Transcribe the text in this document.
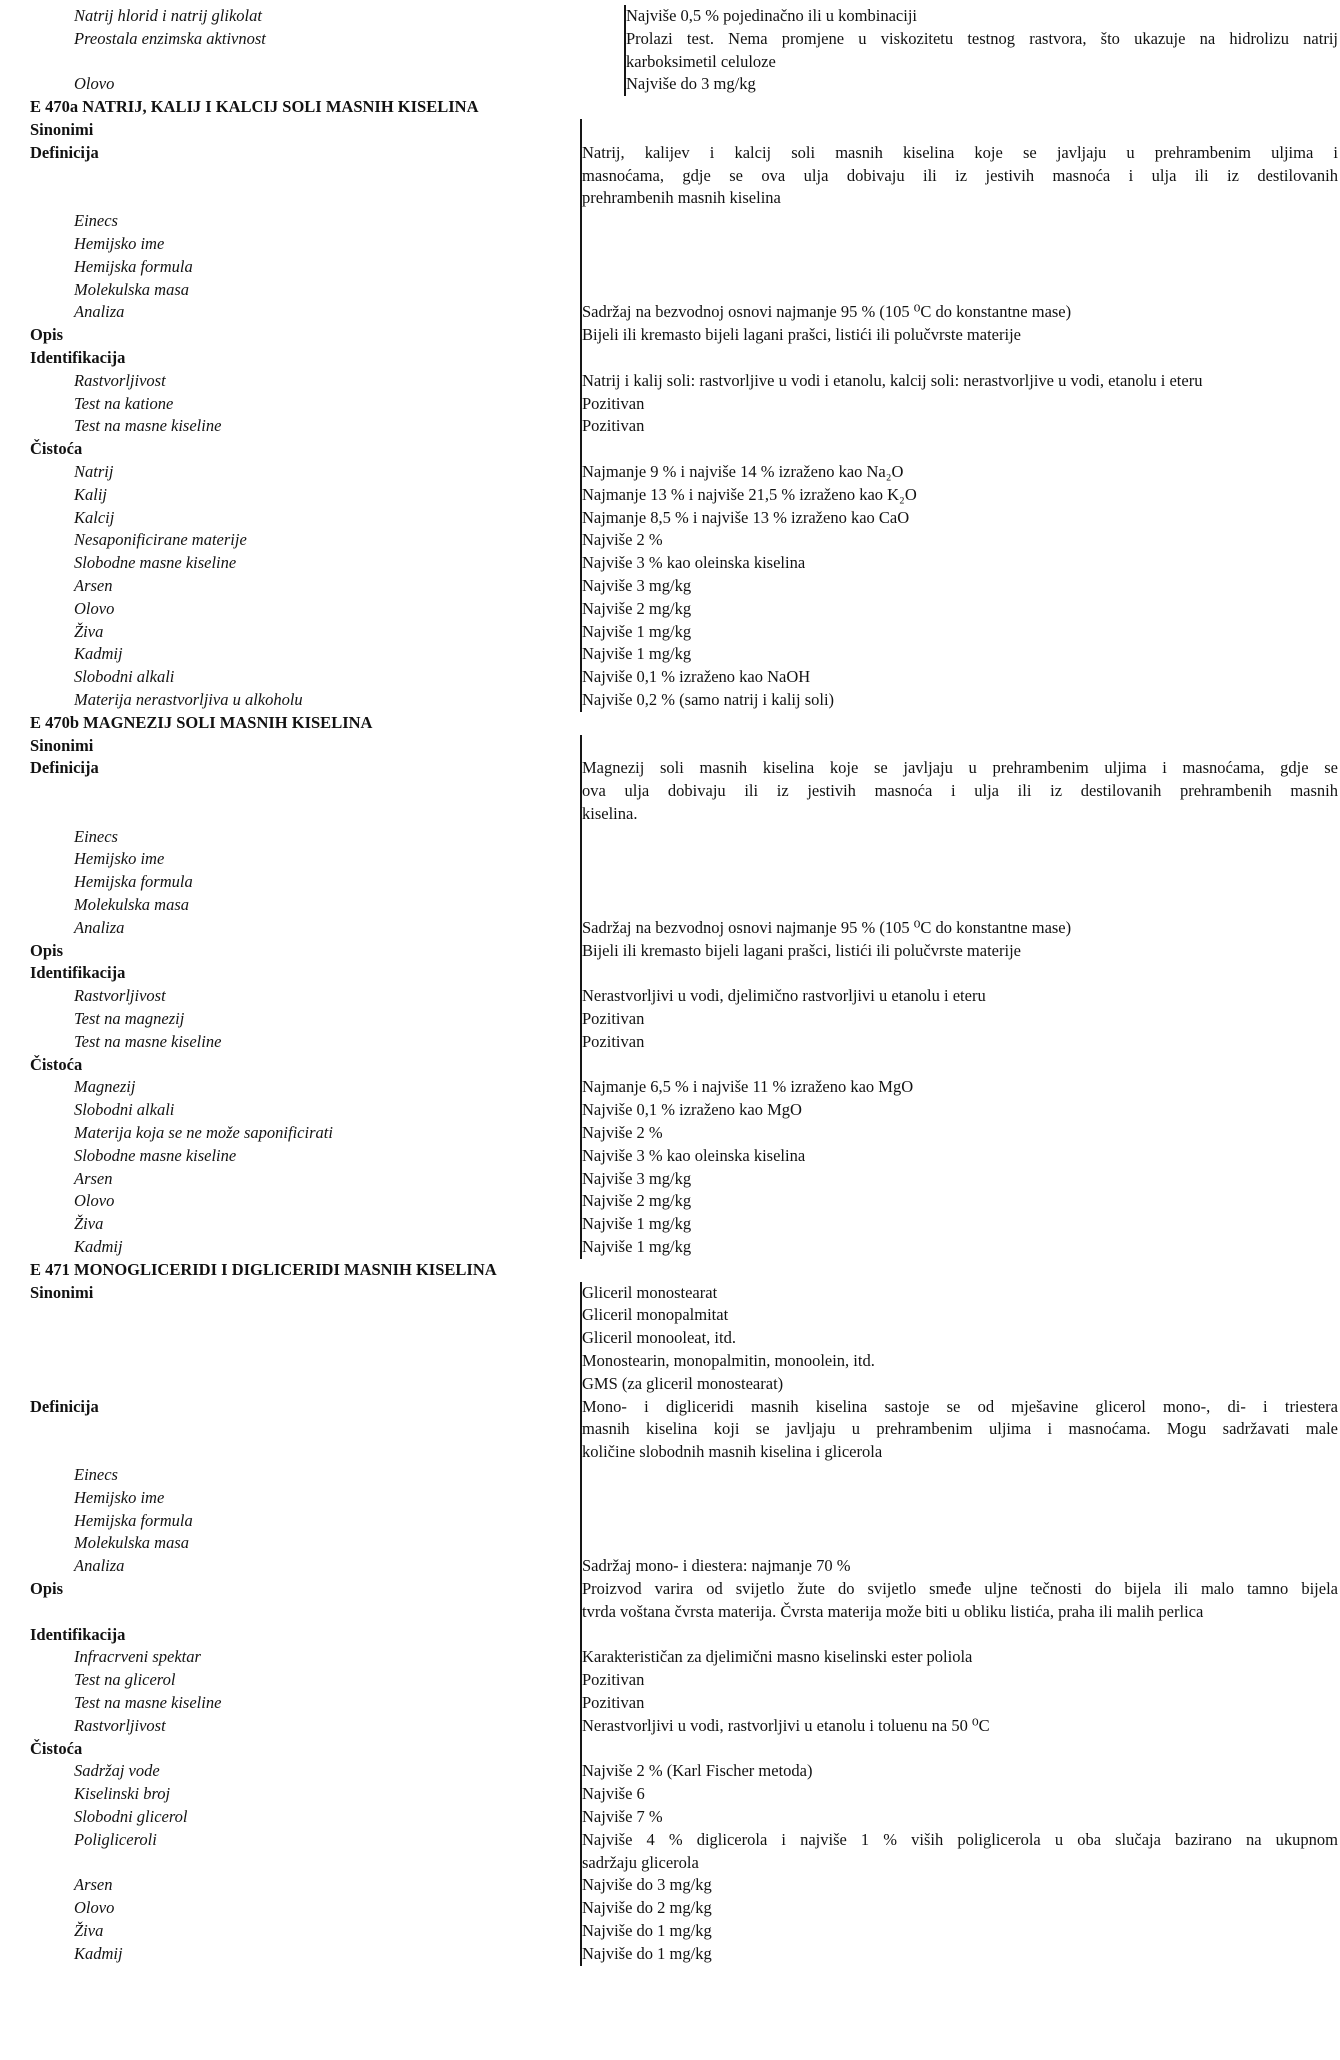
Natrij hlorid i natrij glikolat	Najviše 0,5 % pojedinačno ili u kombinaciji
Preostala enzimska aktivnost	Prolazi test. Nema promjene u viskozitetu testnog rastvora, što ukazuje na hidrolizu natrij
karboksimetil celuloze

Olovo	Najviše do 3 mg/kg
E 470a NATRIJ, KALIJ I KALCIJ SOLI MASNIH KISELINA
Sinonimi	
Definicija	Natrij, kalijev i kalcij soli masnih kiselina koje se javljaju u prehrambenim uljima i
masnoćama, gdje se ova ulja dobivaju ili iz jestivih masnoća i ulja ili iz destilovanih
prehrambenih masnih kiselina

Einecs	
Hemijsko ime	
Hemijska formula	
Molekulska masa	
Analiza	Sadržaj na bezvodnoj osnovi najmanje 95 % (105 ⁰C do konstantne mase)
Opis	Bijeli ili kremasto bijeli lagani prašci, listići ili polučvrste materije
Identifikacija	
Rastvorljivost	Natrij i kalij soli: rastvorljive u vodi i etanolu, kalcij soli: nerastvorljive u vodi, etanolu i eteru
Test na katione	Pozitivan
Test na masne kiseline	Pozitivan
Čistoća	
Natrij	Najmanje 9 % i najviše 14 % izraženo kao Na₂O
Kalij	Najmanje 13 % i najviše 21,5 % izraženo kao K₂O
Kalcij	Najmanje 8,5 % i najviše 13 % izraženo kao CaO
Nesaponificirane materije	Najviše 2 %
Slobodne masne kiseline	Najviše 3 % kao oleinska kiselina
Arsen	Najviše 3 mg/kg
Olovo	Najviše 2 mg/kg
Živa	Najviše 1 mg/kg
Kadmij	Najviše 1 mg/kg
Slobodni alkali	Najviše 0,1 % izraženo kao NaOH
Materija nerastvorljiva u alkoholu	Najviše 0,2 % (samo natrij i kalij soli)
E 470b MAGNEZIJ SOLI MASNIH KISELINA
Sinonimi	
Definicija	Magnezij soli masnih kiselina koje se javljaju u prehrambenim uljima i masnoćama, gdje se
ova ulja dobivaju ili iz jestivih masnoća i ulja ili iz destilovanih prehrambenih masnih
kiselina.

Einecs	
Hemijsko ime	
Hemijska formula	
Molekulska masa	
Analiza	Sadržaj na bezvodnoj osnovi najmanje 95 % (105 ⁰C do konstantne mase)
Opis	Bijeli ili kremasto bijeli lagani prašci, listići ili polučvrste materije
Identifikacija	
Rastvorljivost	Nerastvorljivi u vodi, djelimično rastvorljivi u etanolu i eteru
Test na magnezij	Pozitivan
Test na masne kiseline	Pozitivan
Čistoća	
Magnezij	Najmanje 6,5 % i najviše 11 % izraženo kao MgO
Slobodni alkali	Najviše 0,1 % izraženo kao MgO
Materija koja se ne može saponificirati	Najviše 2 %
Slobodne masne kiseline	Najviše 3 % kao oleinska kiselina
Arsen	Najviše 3 mg/kg
Olovo	Najviše 2 mg/kg
Živa	Najviše 1 mg/kg
Kadmij	Najviše 1 mg/kg
E 471 MONOGLICERIDI I DIGLICERIDI MASNIH KISELINA
Sinonimi	Gliceril monostearat
Gliceril monopalmitat
Gliceril monooleat, itd.
Monostearin, monopalmitin, monoolein, itd.
GMS (za gliceril monostearat)

Definicija	Mono- i digliceridi masnih kiselina sastoje se od mješavine glicerol mono-, di- i triestera
masnih kiselina koji se javljaju u prehrambenim uljima i masnoćama. Mogu sadržavati male
količine slobodnih masnih kiselina i glicerola

Einecs	
Hemijsko ime	
Hemijska formula	
Molekulska masa	
Analiza	Sadržaj mono- i diestera: najmanje 70 %
Opis	Proizvod varira od svijetlo žute do svijetlo smeđe uljne tečnosti do bijela ili malo tamno bijela
tvrda voštana čvrsta materija. Čvrsta materija može biti u obliku listića, praha ili malih perlica

Identifikacija	
Infracrveni spektar	Karakterističan za djelimični masno kiselinski ester poliola
Test na glicerol	Pozitivan
Test na masne kiseline	Pozitivan
Rastvorljivost	Nerastvorljivi u vodi, rastvorljivi u etanolu i toluenu na 50 ⁰C
Čistoća	
Sadržaj vode	Najviše 2 % (Karl Fischer metoda)
Kiselinski broj	Najviše 6
Slobodni glicerol	Najviše 7 %
Poligliceroli	Najviše 4 % diglicerola i najviše 1 % viših poliglicerola u oba slučaja bazirano na ukupnom
sadržaju glicerola

Arsen	Najviše do 3 mg/kg
Olovo	Najviše do 2 mg/kg
Živa	Najviše do 1 mg/kg
Kadmij	Najviše do 1 mg/kg
